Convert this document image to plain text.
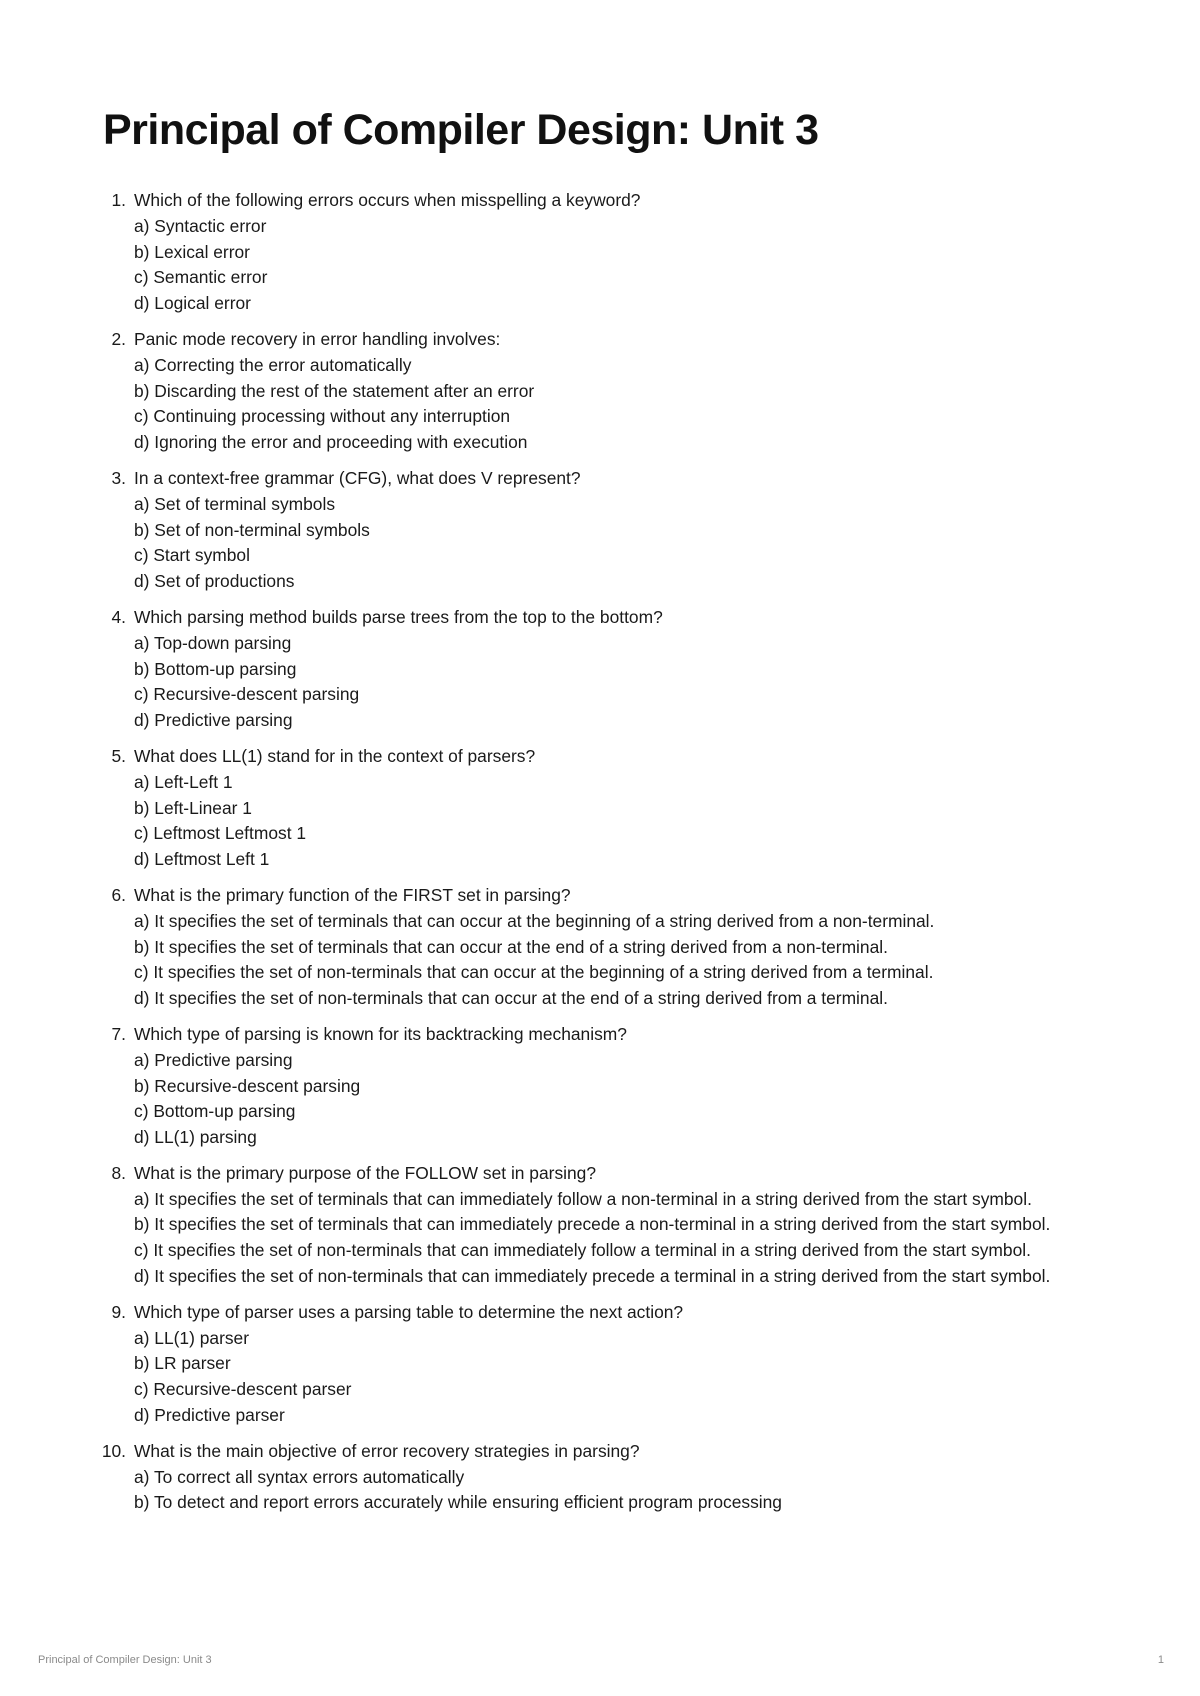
Principal of Compiler Design: Unit 3
1. Which of the following errors occurs when misspelling a keyword?
a) Syntactic error
b) Lexical error
c) Semantic error
d) Logical error
2. Panic mode recovery in error handling involves:
a) Correcting the error automatically
b) Discarding the rest of the statement after an error
c) Continuing processing without any interruption
d) Ignoring the error and proceeding with execution
3. In a context-free grammar (CFG), what does V represent?
a) Set of terminal symbols
b) Set of non-terminal symbols
c) Start symbol
d) Set of productions
4. Which parsing method builds parse trees from the top to the bottom?
a) Top-down parsing
b) Bottom-up parsing
c) Recursive-descent parsing
d) Predictive parsing
5. What does LL(1) stand for in the context of parsers?
a) Left-Left 1
b) Left-Linear 1
c) Leftmost Leftmost 1
d) Leftmost Left 1
6. What is the primary function of the FIRST set in parsing?
a) It specifies the set of terminals that can occur at the beginning of a string derived from a non-terminal.
b) It specifies the set of terminals that can occur at the end of a string derived from a non-terminal.
c) It specifies the set of non-terminals that can occur at the beginning of a string derived from a terminal.
d) It specifies the set of non-terminals that can occur at the end of a string derived from a terminal.
7. Which type of parsing is known for its backtracking mechanism?
a) Predictive parsing
b) Recursive-descent parsing
c) Bottom-up parsing
d) LL(1) parsing
8. What is the primary purpose of the FOLLOW set in parsing?
a) It specifies the set of terminals that can immediately follow a non-terminal in a string derived from the start symbol.
b) It specifies the set of terminals that can immediately precede a non-terminal in a string derived from the start symbol.
c) It specifies the set of non-terminals that can immediately follow a terminal in a string derived from the start symbol.
d) It specifies the set of non-terminals that can immediately precede a terminal in a string derived from the start symbol.
9. Which type of parser uses a parsing table to determine the next action?
a) LL(1) parser
b) LR parser
c) Recursive-descent parser
d) Predictive parser
10. What is the main objective of error recovery strategies in parsing?
a) To correct all syntax errors automatically
b) To detect and report errors accurately while ensuring efficient program processing
Principal of Compiler Design: Unit 3	1
